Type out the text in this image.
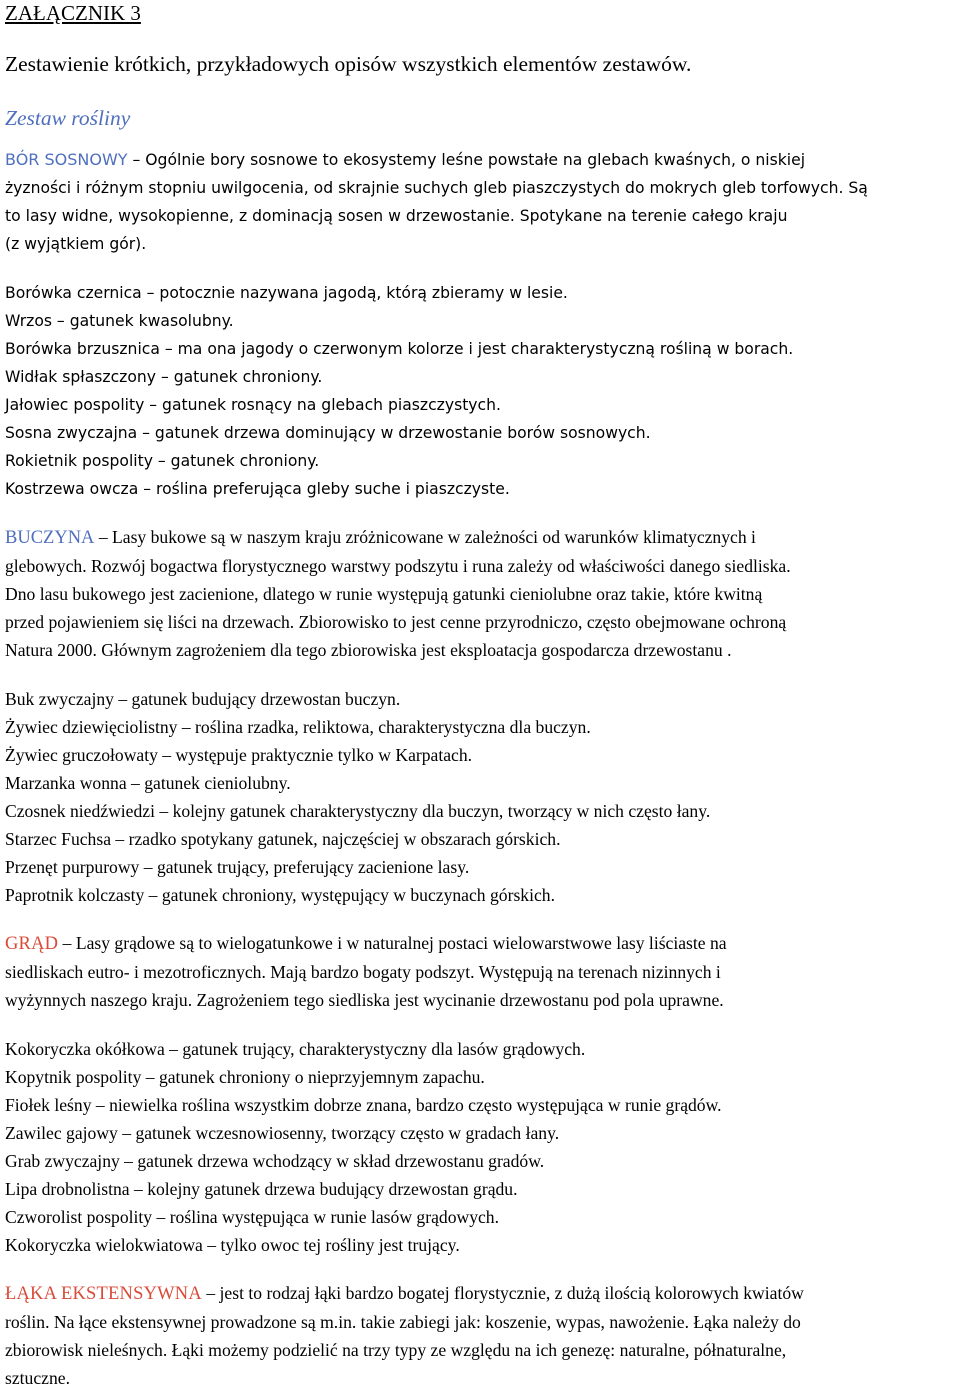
ZAŁĄCZNIK 3
Zestawienie krótkich, przykładowych opisów wszystkich elementów zestawów.
Zestaw rośliny
BÓR SOSNOWY – Ogólnie bory sosnowe to ekosystemy leśne powstałe na glebach kwaśnych, o niskiej
żyzności i różnym stopniu uwilgocenia, od skrajnie suchych gleb piaszczystych do mokrych gleb torfowych. Są
to lasy widne, wysokopienne, z dominacją sosen w drzewostanie. Spotykane na terenie całego kraju
(z wyjątkiem gór).
Borówka czernica – potocznie nazywana jagodą, którą zbieramy w lesie.
Wrzos – gatunek kwasolubny.
Borówka brzusznica – ma ona jagody o czerwonym kolorze i jest charakterystyczną rośliną w borach.
Widłak spłaszczony – gatunek chroniony.
Jałowiec pospolity – gatunek rosnący na glebach piaszczystych.
Sosna zwyczajna – gatunek drzewa dominujący w drzewostanie borów sosnowych.
Rokietnik pospolity – gatunek chroniony.
Kostrzewa owcza – roślina preferująca gleby suche i piaszczyste.
BUCZYNA – Lasy bukowe są w naszym kraju zróżnicowane w zależności od warunków klimatycznych i
glebowych. Rozwój bogactwa florystycznego warstwy podszytu i runa zależy od właściwości danego siedliska.
Dno lasu bukowego jest zacienione, dlatego w runie występują gatunki cieniolubne oraz takie, które kwitną
przed pojawieniem się liści na drzewach. Zbiorowisko to jest cenne przyrodniczo, często obejmowane ochroną
Natura 2000. Głównym zagrożeniem dla tego zbiorowiska jest eksploatacja gospodarcza drzewostanu .
Buk zwyczajny – gatunek budujący drzewostan buczyn.
Żywiec dziewięciolistny – roślina rzadka, reliktowa, charakterystyczna dla buczyn.
Żywiec gruczołowaty – występuje praktycznie tylko w Karpatach.
Marzanka wonna – gatunek cieniolubny.
Czosnek niedźwiedzi – kolejny gatunek charakterystyczny dla buczyn, tworzący w nich często łany.
Starzec Fuchsa – rzadko spotykany gatunek, najczęściej w obszarach górskich.
Przenęt purpurowy – gatunek trujący, preferujący zacienione lasy.
Paprotnik kolczasty – gatunek chroniony, występujący w buczynach górskich.
GRĄD – Lasy grądowe są to wielogatunkowe i w naturalnej postaci wielowarstwowe lasy liściaste na
siedliskach eutro- i mezotroficznych. Mają bardzo bogaty podszyt. Występują na terenach nizinnych i
wyżynnych naszego kraju. Zagrożeniem tego siedliska jest wycinanie drzewostanu pod pola uprawne.
Kokoryczka okółkowa – gatunek trujący, charakterystyczny dla lasów grądowych.
Kopytnik pospolity – gatunek chroniony o nieprzyjemnym zapachu.
Fiołek leśny – niewielka roślina wszystkim dobrze znana, bardzo często występująca w runie grądów.
Zawilec gajowy – gatunek wczesnowiosenny, tworzący często w gradach łany.
Grab zwyczajny – gatunek drzewa wchodzący w skład drzewostanu gradów.
Lipa drobnolistna – kolejny gatunek drzewa budujący drzewostan grądu.
Czworolist pospolity – roślina występująca w runie lasów grądowych.
Kokoryczka wielokwiatowa – tylko owoc tej rośliny jest trujący.
ŁĄKA EKSTENSYWNA – jest to rodzaj łąki bardzo bogatej florystycznie, z dużą ilością kolorowych kwiatów
roślin. Na łące ekstensywnej prowadzone są m.in. takie zabiegi jak: koszenie, wypas, nawożenie. Łąka należy do
zbiorowisk nieleśnych. Łąki możemy podzielić na trzy typy ze względu na ich genezę: naturalne, półnaturalne,
sztuczne.
